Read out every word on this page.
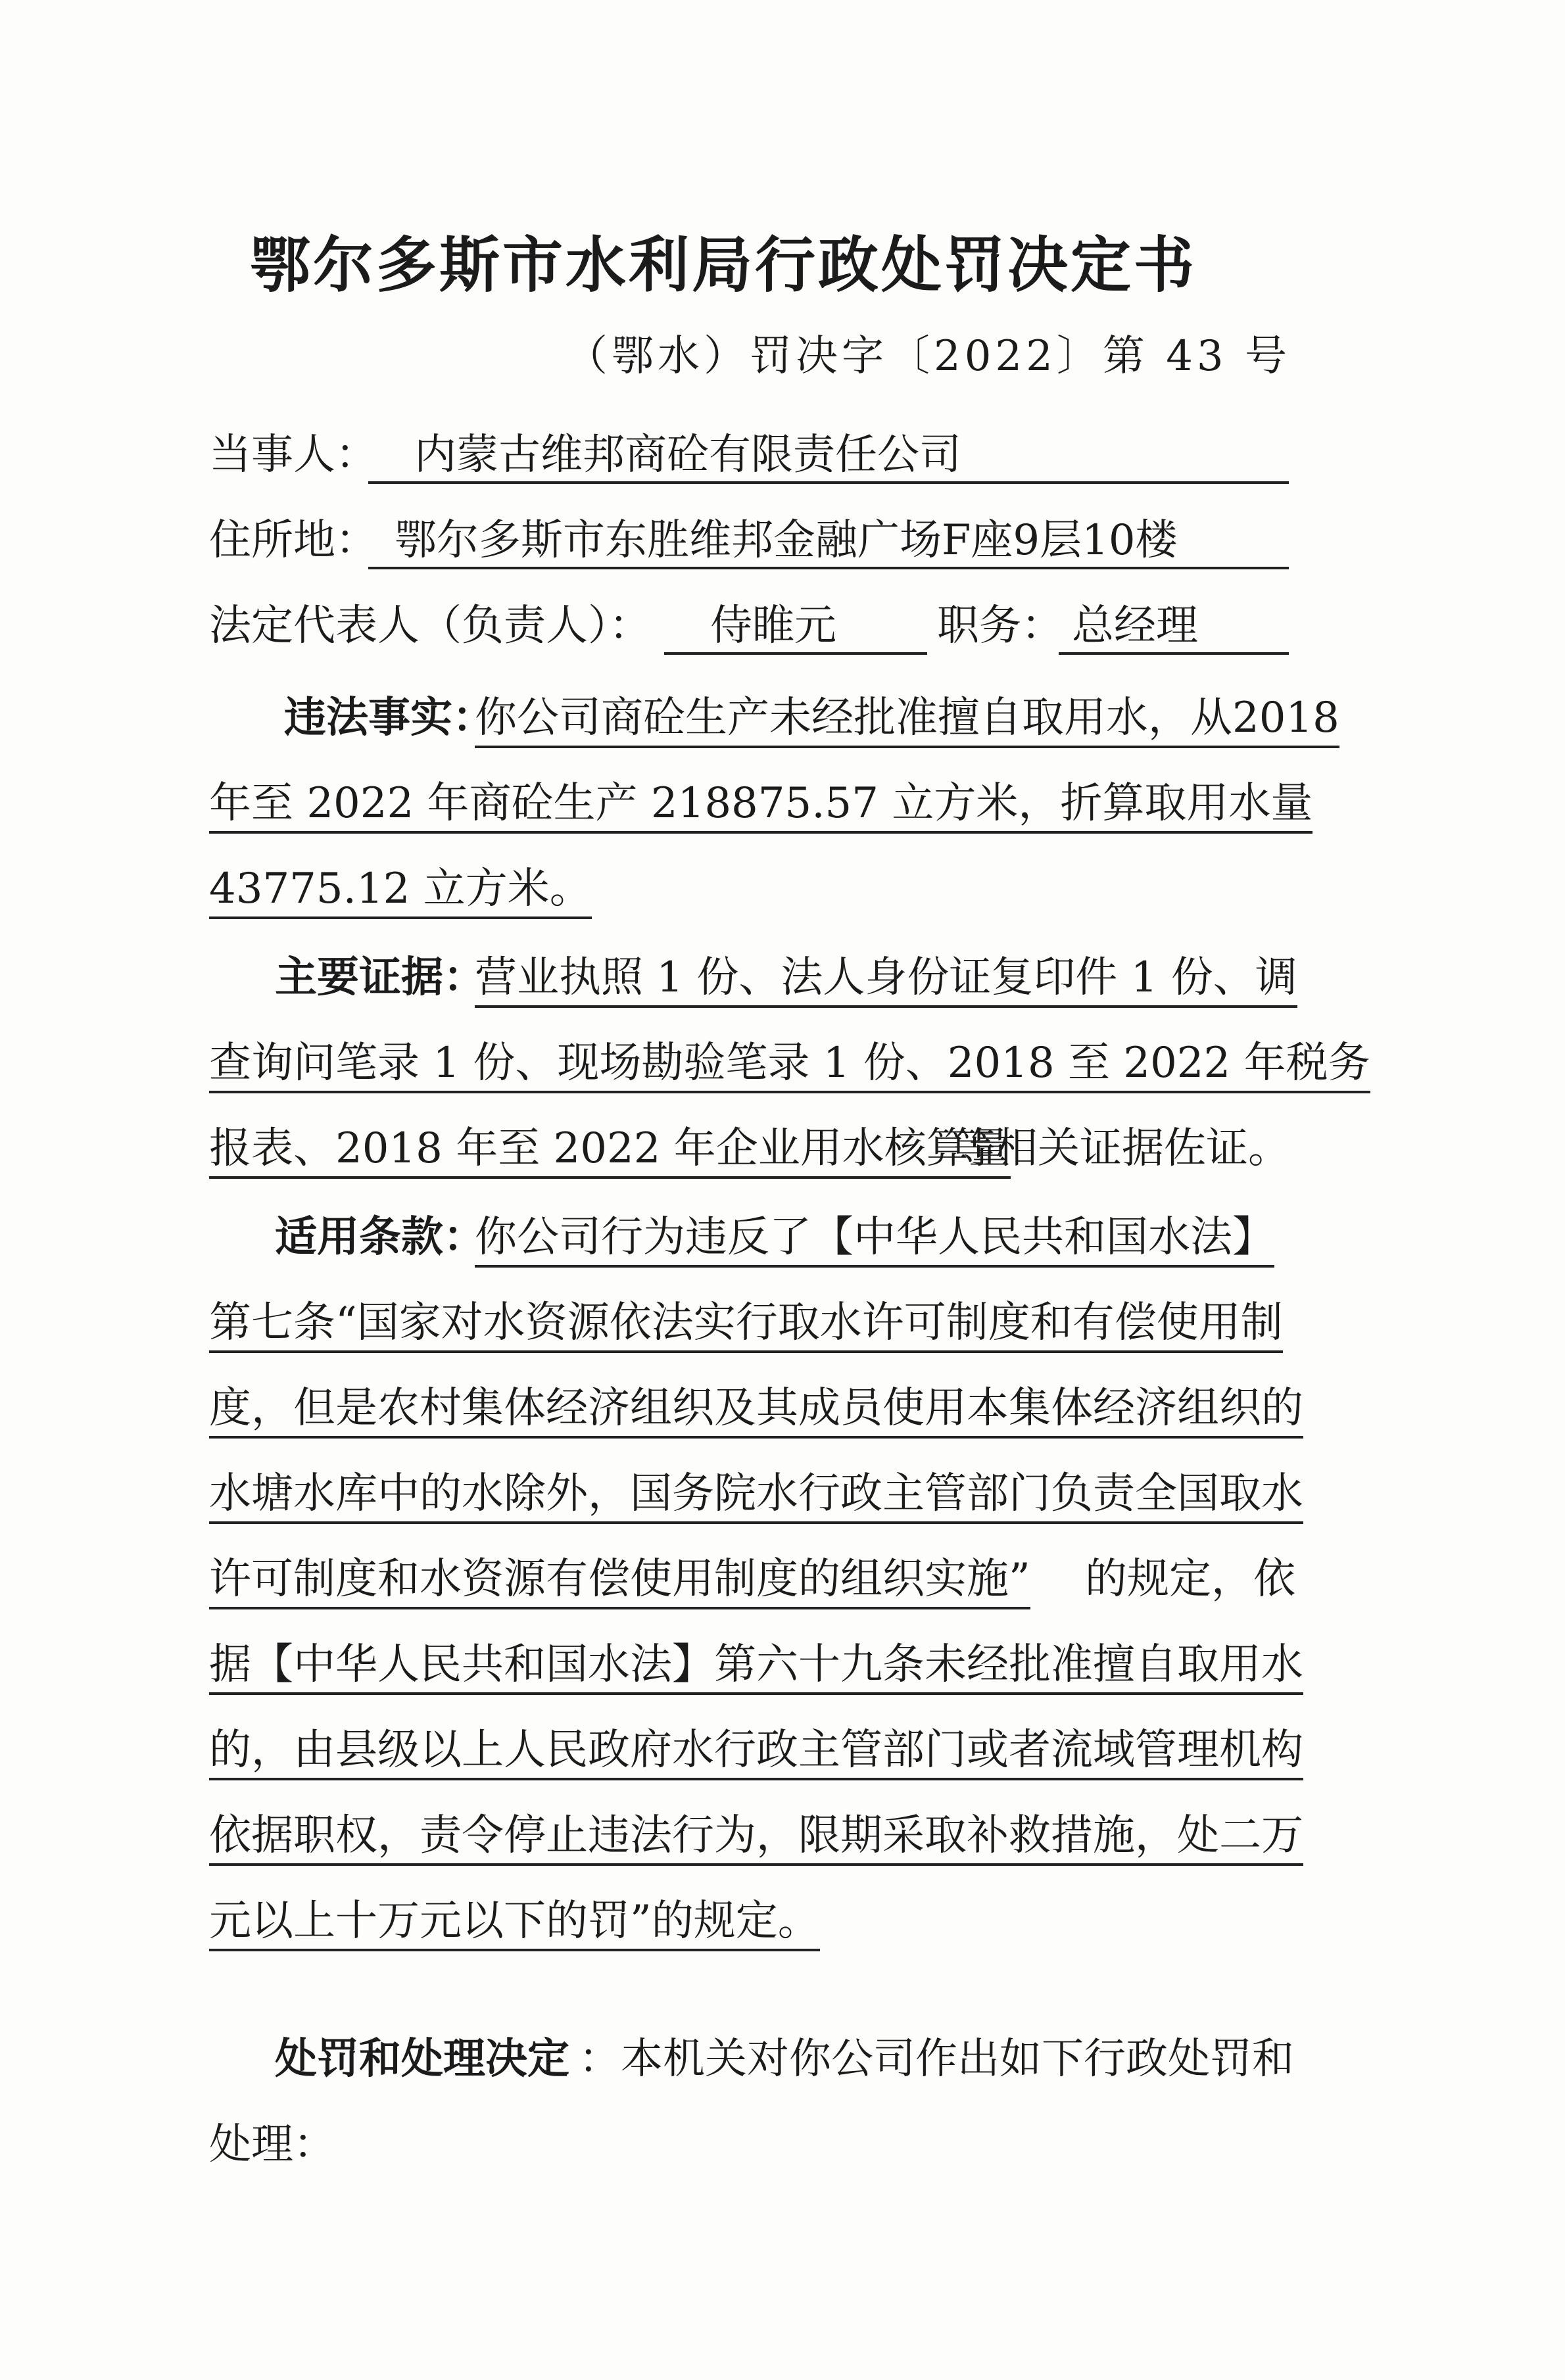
鄂尔多斯市水利局行政处罚决定书
（鄂水）罚决字〔2022〕第 43 号
当事人： 内蒙古维邦商砼有限责任公司
住所地： 鄂尔多斯市东胜维邦金融广场F座9层10楼
法定代表人（负责人）：	侍睢元	职务： 总经理
违法事实：
你公司商砼生产未经批准擅自取用水，从2018
年至 2022 年商砼生产 218875.57 立方米，折算取用水量
43775.12 立方米。
主要证据：
营业执照 1 份、法人身份证复印件 1 份、调
查询问笔录 1 份、现场勘验笔录 1 份、2018 至 2022 年税务
报表、2018 年至 2022 年企业用水核算量
等相关证据佐证。
适用条款：
你公司行为违反了【中华人民共和国水法】
第七条“国家对水资源依法实行取水许可制度和有偿使用制
度，但是农村集体经济组织及其成员使用本集体经济组织的
水塘水库中的水除外，国务院水行政主管部门负责全国取水
许可制度和水资源有偿使用制度的组织实施” 的规定，依
据【中华人民共和国水法】第六十九条未经批准擅自取用水
的，由县级以上人民政府水行政主管部门或者流域管理机构
依据职权，责令停止违法行为，限期采取补救措施，处二万
元以上十万元以下的罚”的规定。
处罚和处理决定 ：本机关对你公司作出如下行政处罚和
处理：
